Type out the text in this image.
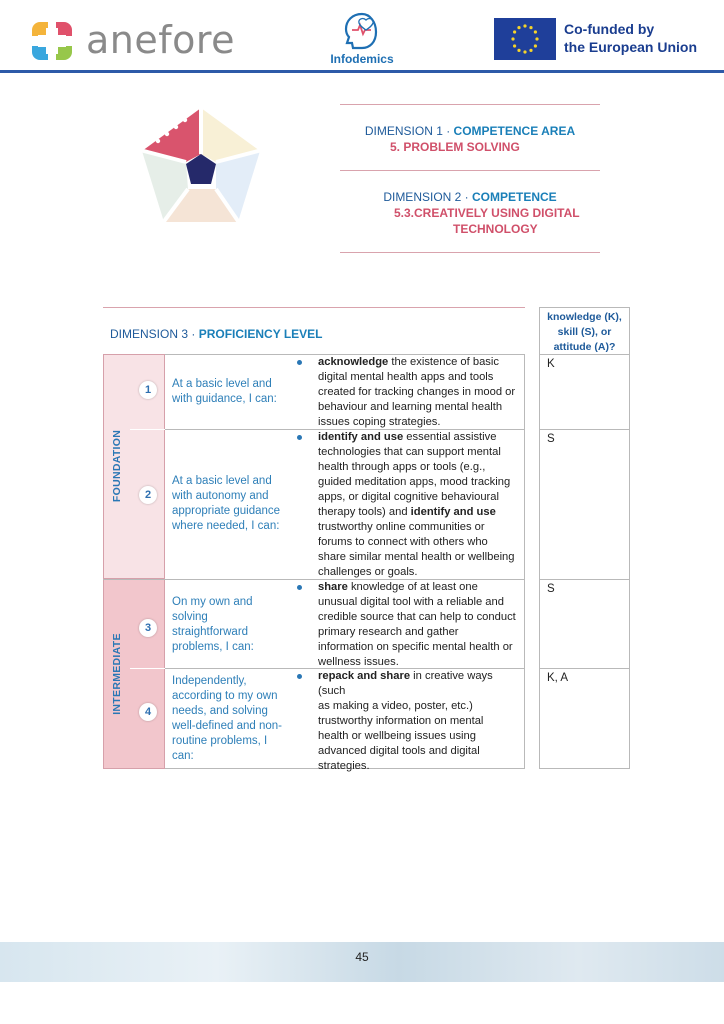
anefore	Infodemics
Co-funded by
the European Union
DIMENSION 1 · COMPETENCE AREA
5. PROBLEM SOLVING
DIMENSION 2 · COMPETENCE
5.3.CREATIVELY USING DIGITAL
TECHNOLOGY
DIMENSION 3 · PROFICIENCY LEVEL
knowledge (K),
skill (S), or
attitude (A)?
FOUNDATION
INTERMEDIATE
1
2
3
4
K
S
S
K, A
At a basic level and
with guidance, I can:
At a basic level and
with autonomy and
appropriate guidance
where needed, I can:
On my own and
solving
straightforward
problems, I can:
Independently,
according to my own
needs, and solving
well-defined and non-
routine problems, I
can:
acknowledge the existence of basic
digital mental health apps and tools
created for tracking changes in mood or
behaviour and learning mental health
issues coping strategies.
identify and use essential assistive
technologies that can support mental
health through apps or tools (e.g.,
guided meditation apps, mood tracking
apps, or digital cognitive behavioural
therapy tools) and identify and use
trustworthy online communities or
forums to connect with others who
share similar mental health or wellbeing
challenges or goals.
share knowledge of at least one
unusual digital tool with a reliable and
credible source that can help to conduct
primary research and gather
information on specific mental health or
wellness issues.
repack and share in creative ways (such
as making a video, poster, etc.)
trustworthy information on mental
health or wellbeing issues using
advanced digital tools and digital
strategies.
45
